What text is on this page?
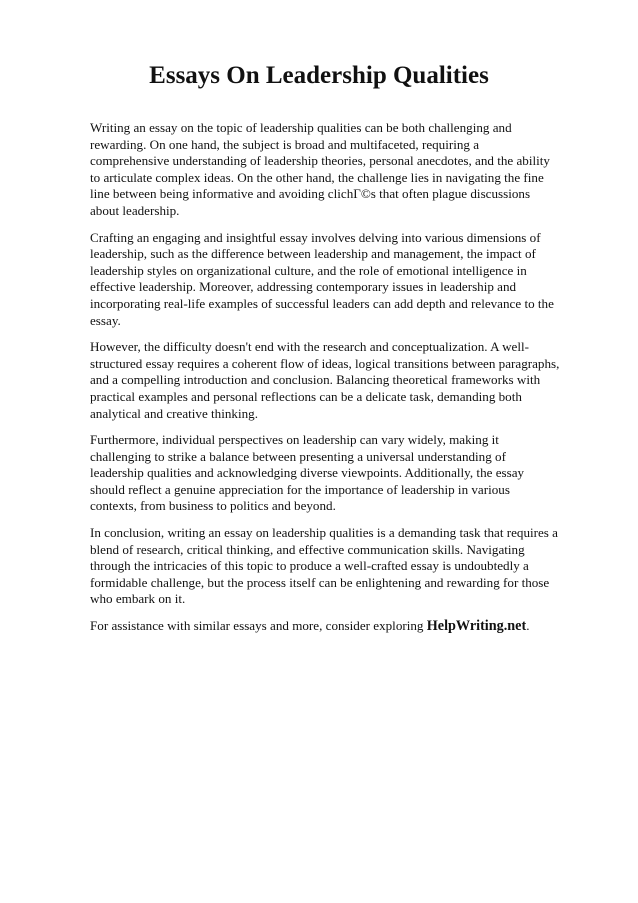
Essays On Leadership Qualities

Writing an essay on the topic of leadership qualities can be both challenging and rewarding. On one hand, the subject is broad and multifaceted, requiring a comprehensive understanding of leadership theories, personal anecdotes, and the ability to articulate complex ideas. On the other hand, the challenge lies in navigating the fine line between being informative and avoiding clichГ©s that often plague discussions about leadership.

Crafting an engaging and insightful essay involves delving into various dimensions of leadership, such as the difference between leadership and management, the impact of leadership styles on organizational culture, and the role of emotional intelligence in effective leadership. Moreover, addressing contemporary issues in leadership and incorporating real-life examples of successful leaders can add depth and relevance to the essay.

However, the difficulty doesn't end with the research and conceptualization. A well-structured essay requires a coherent flow of ideas, logical transitions between paragraphs, and a compelling introduction and conclusion. Balancing theoretical frameworks with practical examples and personal reflections can be a delicate task, demanding both analytical and creative thinking.

Furthermore, individual perspectives on leadership can vary widely, making it challenging to strike a balance between presenting a universal understanding of leadership qualities and acknowledging diverse viewpoints. Additionally, the essay should reflect a genuine appreciation for the importance of leadership in various contexts, from business to politics and beyond.

In conclusion, writing an essay on leadership qualities is a demanding task that requires a blend of research, critical thinking, and effective communication skills. Navigating through the intricacies of this topic to produce a well-crafted essay is undoubtedly a formidable challenge, but the process itself can be enlightening and rewarding for those who embark on it.

For assistance with similar essays and more, consider exploring HelpWriting.net.
